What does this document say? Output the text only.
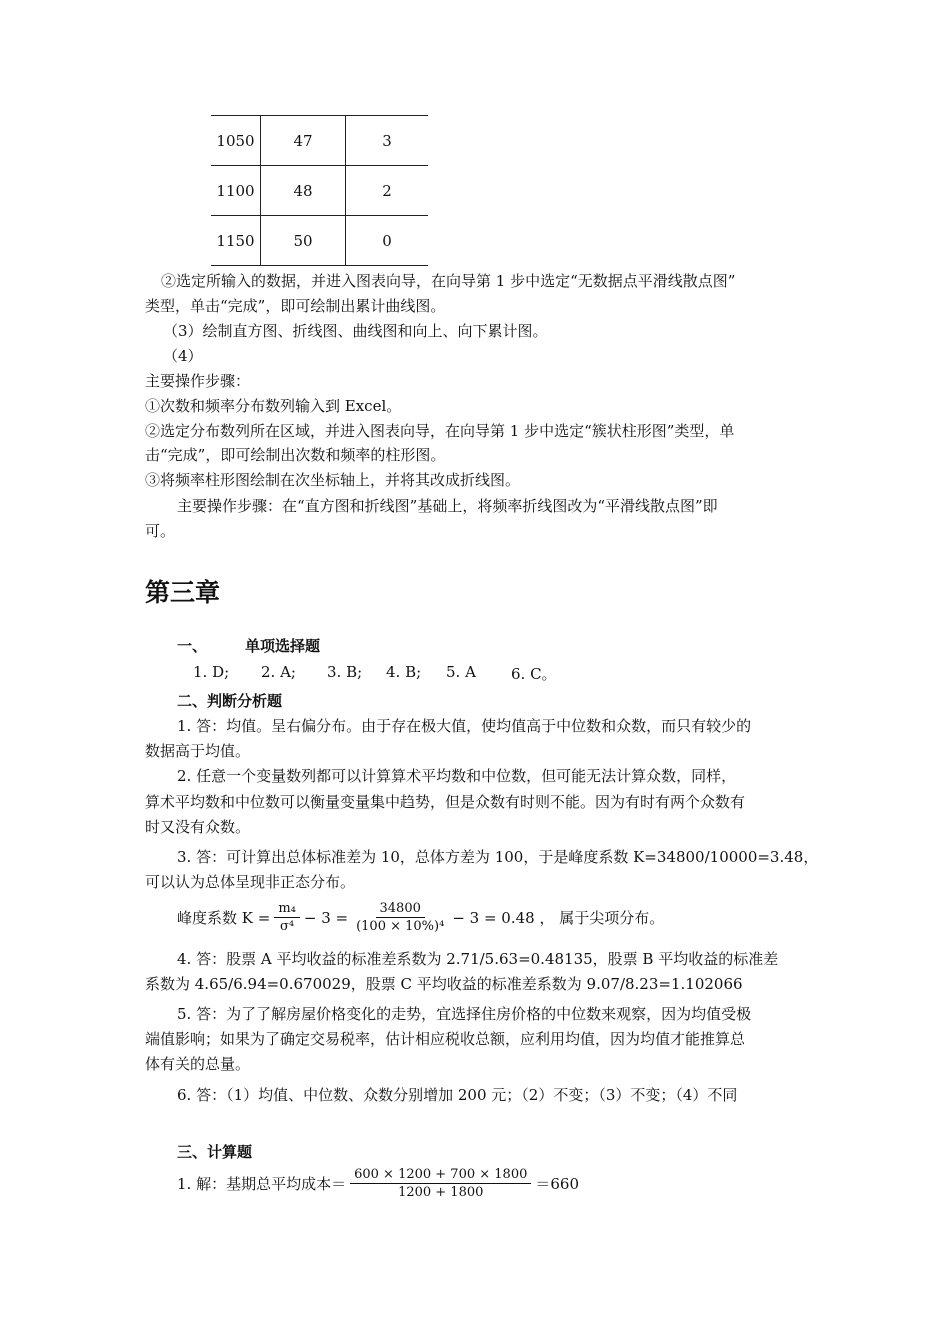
1050	47	3
1100	48	2
1150	50	0
②选定所输入的数据，并进入图表向导，在向导第 1 步中选定“无数据点平滑线散点图”
类型，单击“完成”，即可绘制出累计曲线图。
（3）绘制直方图、折线图、曲线图和向上、向下累计图。
（4）
主要操作步骤：
①次数和频率分布数列输入到 Excel。
②选定分布数列所在区域，并进入图表向导，在向导第 1 步中选定“簇状柱形图”类型，单
击“完成”，即可绘制出次数和频率的柱形图。
③将频率柱形图绘制在次坐标轴上，并将其改成折线图。
主要操作步骤：在“直方图和折线图”基础上，将频率折线图改为“平滑线散点图”即
可。
第三章
一、	单项选择题
1. D; 2. A; 3. B; 4. B; 5. A 6. C。
二、判断分析题
1. 答：均值。呈右偏分布。由于存在极大值，使均值高于中位数和众数，而只有较少的
数据高于均值。
2. 任意一个变量数列都可以计算算术平均数和中位数，但可能无法计算众数，同样，
算术平均数和中位数可以衡量变量集中趋势，但是众数有时则不能。因为有时有两个众数有
时又没有众数。
3. 答：可计算出总体标准差为 10，总体方差为 100，于是峰度系数 K=34800/10000=3.48，
可以认为总体呈现非正态分布。
峰度系数 $K = \frac{\text{m₄}}{\text{σ⁴}} - 3 = \frac{34800}{\text{(100 × 10\%)⁴}} - 3 = 0.48$ ， 属于尖项分布。
4. 答：股票 A 平均收益的标准差系数为 2.71/5.63=0.48135，股票 B 平均收益的标准差
系数为 4.65/6.94=0.670029，股票 C 平均收益的标准差系数为 9.07/8.23=1.102066
5. 答：为了了解房屋价格变化的走势，宜选择住房价格的中位数来观察，因为均值受极
端值影响；如果为了确定交易税率，估计相应税收总额，应利用均值，因为均值才能推算总
体有关的总量。
6. 答：（1）均值、中位数、众数分别增加 200 元；（2）不变；（3）不变；（4）不同
三、计算题
1. 解：基期总平均成本＝ $\frac{600 \times 1200 + 700 \times 1800}{1200 + 1800} =660$
